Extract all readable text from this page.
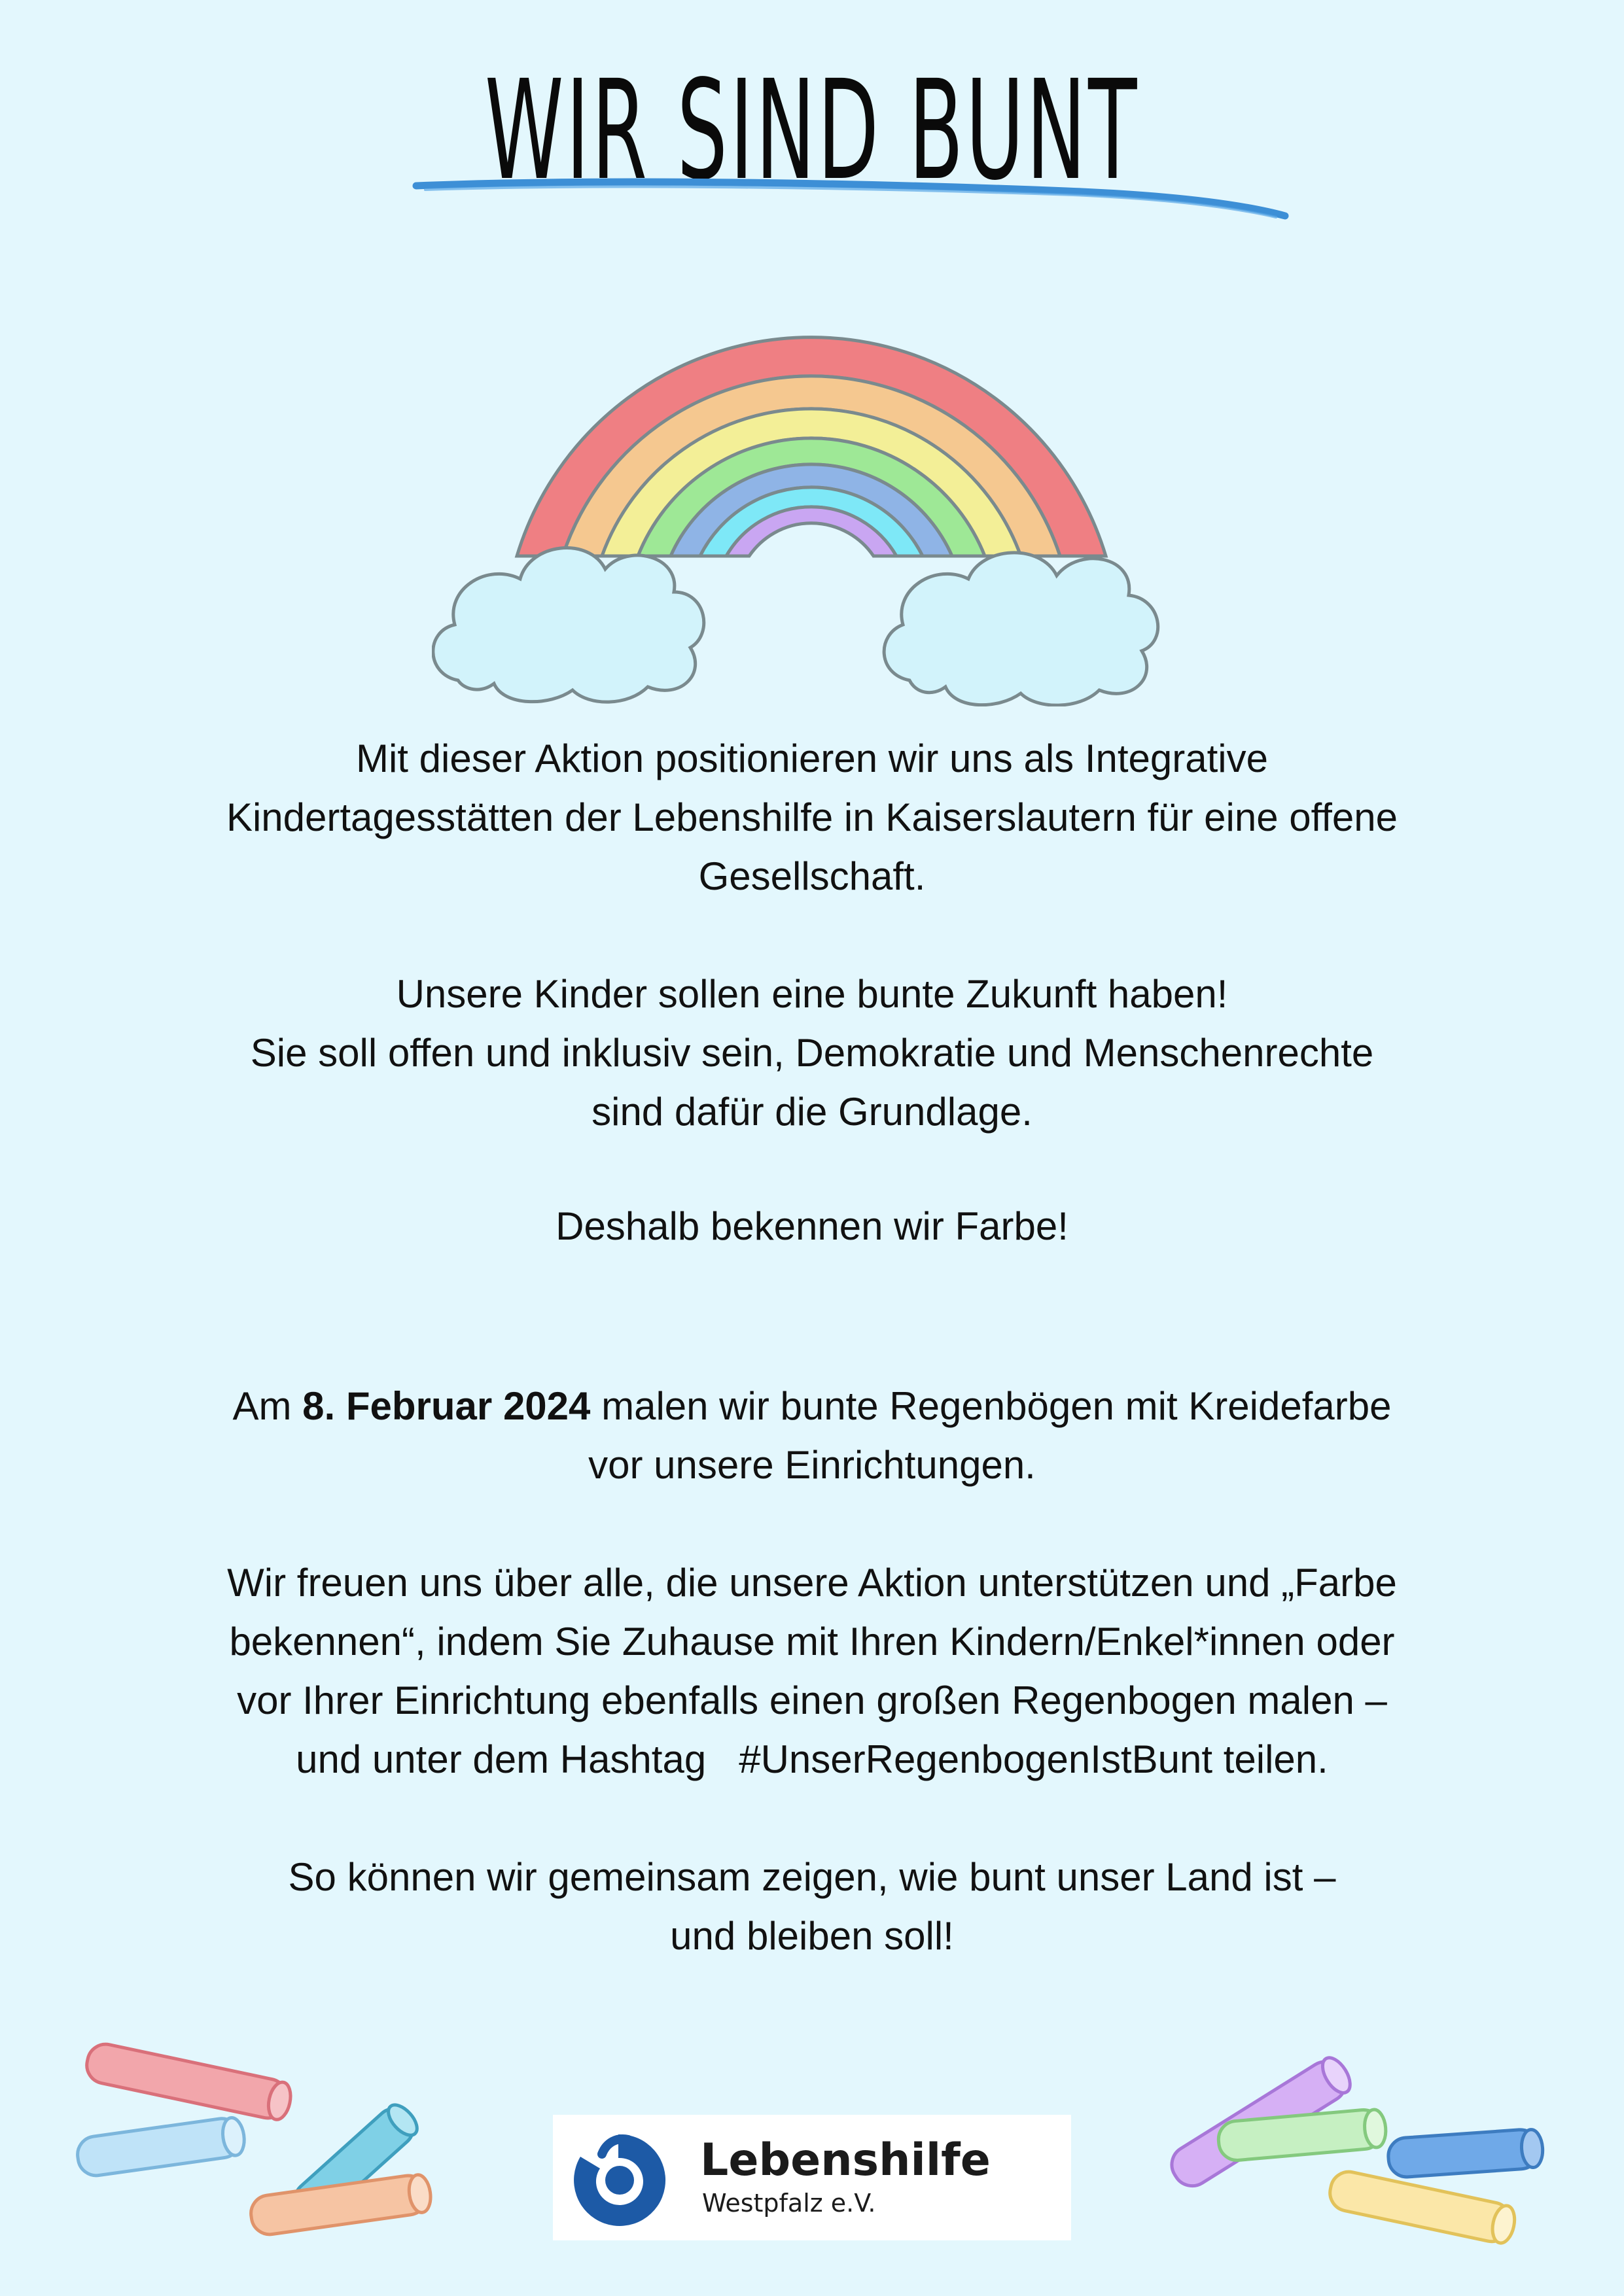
WIR SIND BUNT

Mit dieser Aktion positionieren wir uns als Integrative

Kindertagesstätten der Lebenshilfe in Kaiserslautern für eine offene

Gesellschaft.

Unsere Kinder sollen eine bunte Zukunft haben!

Sie soll offen und inklusiv sein, Demokratie und Menschenrechte

sind dafür die Grundlage.

Deshalb bekennen wir Farbe!

Am 8. Februar 2024 malen wir bunte Regenbögen mit Kreidefarbe

vor unsere Einrichtungen.

Wir freuen uns über alle, die unsere Aktion unterstützen und „Farbe

bekennen“, indem Sie Zuhause mit Ihren Kindern/Enkel*innen oder

vor Ihrer Einrichtung ebenfalls einen großen Regenbogen malen –

und unter dem Hashtag   #UnserRegenbogenIstBunt teilen.

So können wir gemeinsam zeigen, wie bunt unser Land ist –

und bleiben soll!

Lebenshilfe
Westpfalz e.V.
